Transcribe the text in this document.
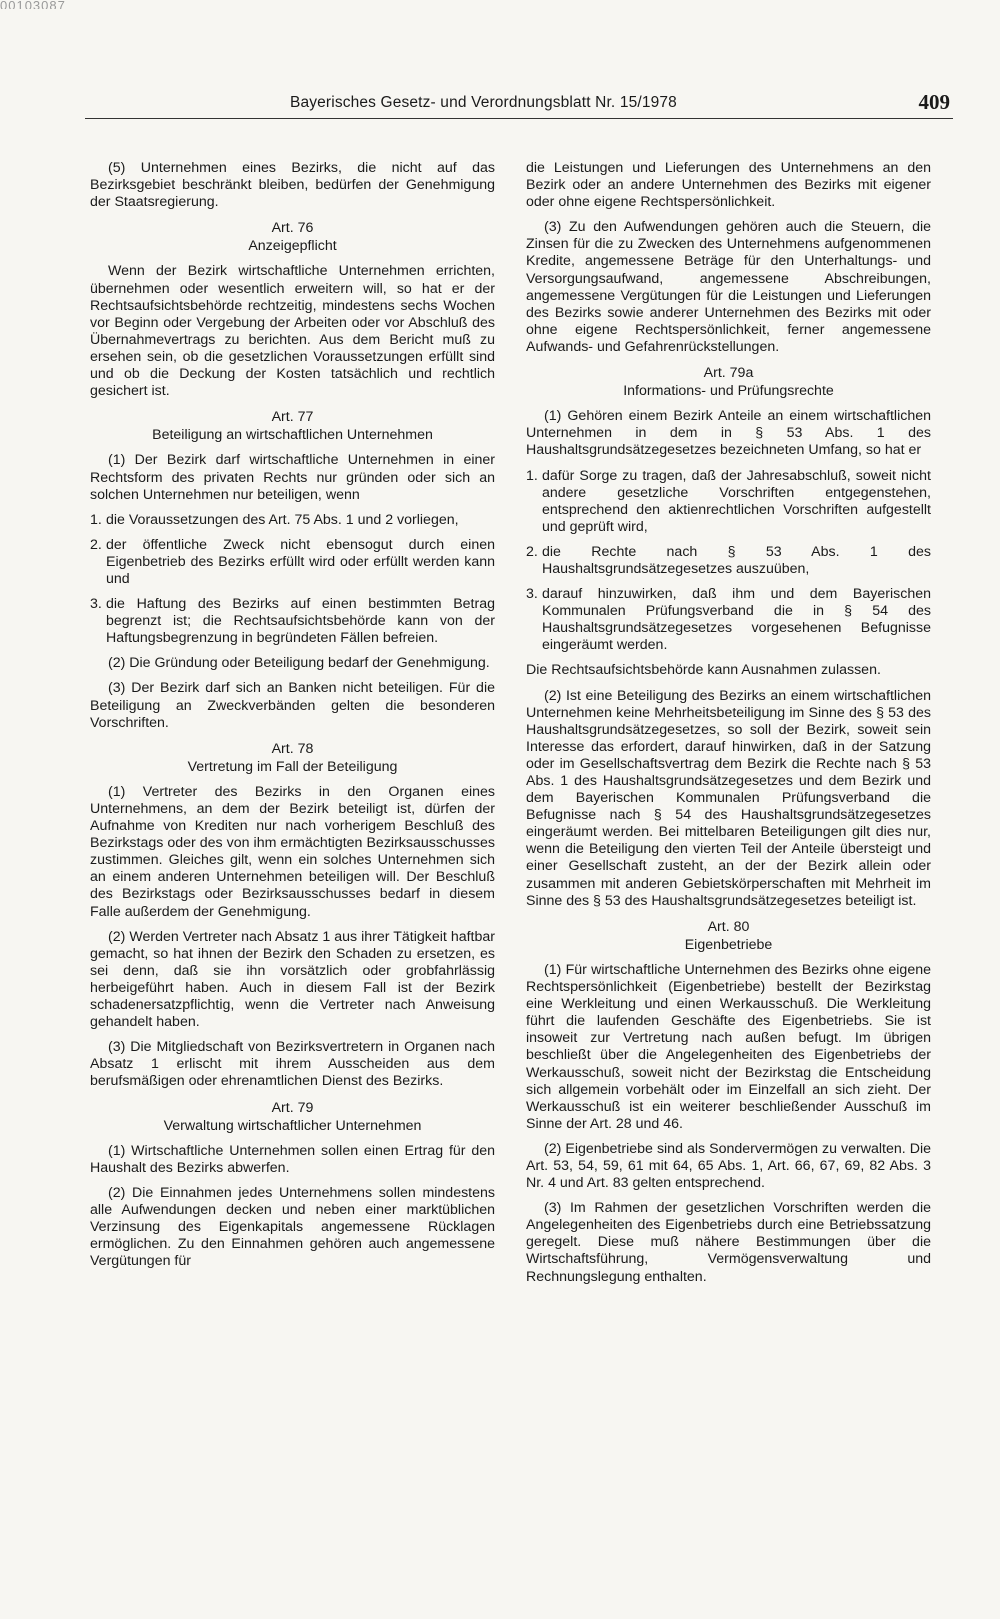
00103087
Bayerisches Gesetz- und Verordnungsblatt Nr. 15/1978	409

(5) Unternehmen eines Bezirks, die nicht auf das Bezirksgebiet beschränkt bleiben, bedürfen der Genehmigung der Staatsregierung.

Art. 76
Anzeigepflicht

Wenn der Bezirk wirtschaftliche Unternehmen errichten, übernehmen oder wesentlich erweitern will, so hat er der Rechtsaufsichtsbehörde rechtzeitig, mindestens sechs Wochen vor Beginn oder Vergebung der Arbeiten oder vor Abschluß des Übernahmevertrags zu berichten. Aus dem Bericht muß zu ersehen sein, ob die gesetzlichen Voraussetzungen erfüllt sind und ob die Deckung der Kosten tatsächlich und rechtlich gesichert ist.

Art. 77
Beteiligung an wirtschaftlichen Unternehmen

(1) Der Bezirk darf wirtschaftliche Unternehmen in einer Rechtsform des privaten Rechts nur gründen oder sich an solchen Unternehmen nur beteiligen, wenn

1. die Voraussetzungen des Art. 75 Abs. 1 und 2 vorliegen,
2. der öffentliche Zweck nicht ebensogut durch einen Eigenbetrieb des Bezirks erfüllt wird oder erfüllt werden kann und
3. die Haftung des Bezirks auf einen bestimmten Betrag begrenzt ist; die Rechtsaufsichtsbehörde kann von der Haftungsbegrenzung in begründeten Fällen befreien.

(2) Die Gründung oder Beteiligung bedarf der Genehmigung.

(3) Der Bezirk darf sich an Banken nicht beteiligen. Für die Beteiligung an Zweckverbänden gelten die besonderen Vorschriften.

Art. 78
Vertretung im Fall der Beteiligung

(1) Vertreter des Bezirks in den Organen eines Unternehmens, an dem der Bezirk beteiligt ist, dürfen der Aufnahme von Krediten nur nach vorherigem Beschluß des Bezirkstags oder des von ihm ermächtigten Bezirksausschusses zustimmen. Gleiches gilt, wenn ein solches Unternehmen sich an einem anderen Unternehmen beteiligen will. Der Beschluß des Bezirkstags oder Bezirksausschusses bedarf in diesem Falle außerdem der Genehmigung.

(2) Werden Vertreter nach Absatz 1 aus ihrer Tätigkeit haftbar gemacht, so hat ihnen der Bezirk den Schaden zu ersetzen, es sei denn, daß sie ihn vorsätzlich oder grobfahrlässig herbeigeführt haben. Auch in diesem Fall ist der Bezirk schadenersatzpflichtig, wenn die Vertreter nach Anweisung gehandelt haben.

(3) Die Mitgliedschaft von Bezirksvertretern in Organen nach Absatz 1 erlischt mit ihrem Ausscheiden aus dem berufsmäßigen oder ehrenamtlichen Dienst des Bezirks.

Art. 79
Verwaltung wirtschaftlicher Unternehmen

(1) Wirtschaftliche Unternehmen sollen einen Ertrag für den Haushalt des Bezirks abwerfen.

(2) Die Einnahmen jedes Unternehmens sollen mindestens alle Aufwendungen decken und neben einer marktüblichen Verzinsung des Eigenkapitals angemessene Rücklagen ermöglichen. Zu den Einnahmen gehören auch angemessene Vergütungen für

die Leistungen und Lieferungen des Unternehmens an den Bezirk oder an andere Unternehmen des Bezirks mit eigener oder ohne eigene Rechtspersönlichkeit.

(3) Zu den Aufwendungen gehören auch die Steuern, die Zinsen für die zu Zwecken des Unternehmens aufgenommenen Kredite, angemessene Beträge für den Unterhaltungs- und Versorgungsaufwand, angemessene Abschreibungen, angemessene Vergütungen für die Leistungen und Lieferungen des Bezirks sowie anderer Unternehmen des Bezirks mit oder ohne eigene Rechtspersönlichkeit, ferner angemessene Aufwands- und Gefahrenrückstellungen.

Art. 79a
Informations- und Prüfungsrechte

(1) Gehören einem Bezirk Anteile an einem wirtschaftlichen Unternehmen in dem in § 53 Abs. 1 des Haushaltsgrundsätzegesetzes bezeichneten Umfang, so hat er

1. dafür Sorge zu tragen, daß der Jahresabschluß, soweit nicht andere gesetzliche Vorschriften entgegenstehen, entsprechend den aktienrechtlichen Vorschriften aufgestellt und geprüft wird,
2. die Rechte nach § 53 Abs. 1 des Haushaltsgrundsätzegesetzes auszuüben,
3. darauf hinzuwirken, daß ihm und dem Bayerischen Kommunalen Prüfungsverband die in § 54 des Haushaltsgrundsätzegesetzes vorgesehenen Befugnisse eingeräumt werden.

Die Rechtsaufsichtsbehörde kann Ausnahmen zulassen.

(2) Ist eine Beteiligung des Bezirks an einem wirtschaftlichen Unternehmen keine Mehrheitsbeteiligung im Sinne des § 53 des Haushaltsgrundsätzegesetzes, so soll der Bezirk, soweit sein Interesse das erfordert, darauf hinwirken, daß in der Satzung oder im Gesellschaftsvertrag dem Bezirk die Rechte nach § 53 Abs. 1 des Haushaltsgrundsätzegesetzes und dem Bezirk und dem Bayerischen Kommunalen Prüfungsverband die Befugnisse nach § 54 des Haushaltsgrundsätzegesetzes eingeräumt werden. Bei mittelbaren Beteiligungen gilt dies nur, wenn die Beteiligung den vierten Teil der Anteile übersteigt und einer Gesellschaft zusteht, an der der Bezirk allein oder zusammen mit anderen Gebietskörperschaften mit Mehrheit im Sinne des § 53 des Haushaltsgrundsätzegesetzes beteiligt ist.

Art. 80
Eigenbetriebe

(1) Für wirtschaftliche Unternehmen des Bezirks ohne eigene Rechtspersönlichkeit (Eigenbetriebe) bestellt der Bezirkstag eine Werkleitung und einen Werkausschuß. Die Werkleitung führt die laufenden Geschäfte des Eigenbetriebs. Sie ist insoweit zur Vertretung nach außen befugt. Im übrigen beschließt über die Angelegenheiten des Eigenbetriebs der Werkausschuß, soweit nicht der Bezirkstag die Entscheidung sich allgemein vorbehält oder im Einzelfall an sich zieht. Der Werkausschuß ist ein weiterer beschließender Ausschuß im Sinne der Art. 28 und 46.

(2) Eigenbetriebe sind als Sondervermögen zu verwalten. Die Art. 53, 54, 59, 61 mit 64, 65 Abs. 1, Art. 66, 67, 69, 82 Abs. 3 Nr. 4 und Art. 83 gelten entsprechend.

(3) Im Rahmen der gesetzlichen Vorschriften werden die Angelegenheiten des Eigenbetriebs durch eine Betriebssatzung geregelt. Diese muß nähere Bestimmungen über die Wirtschaftsführung, Vermögensverwaltung und Rechnungslegung enthalten.
